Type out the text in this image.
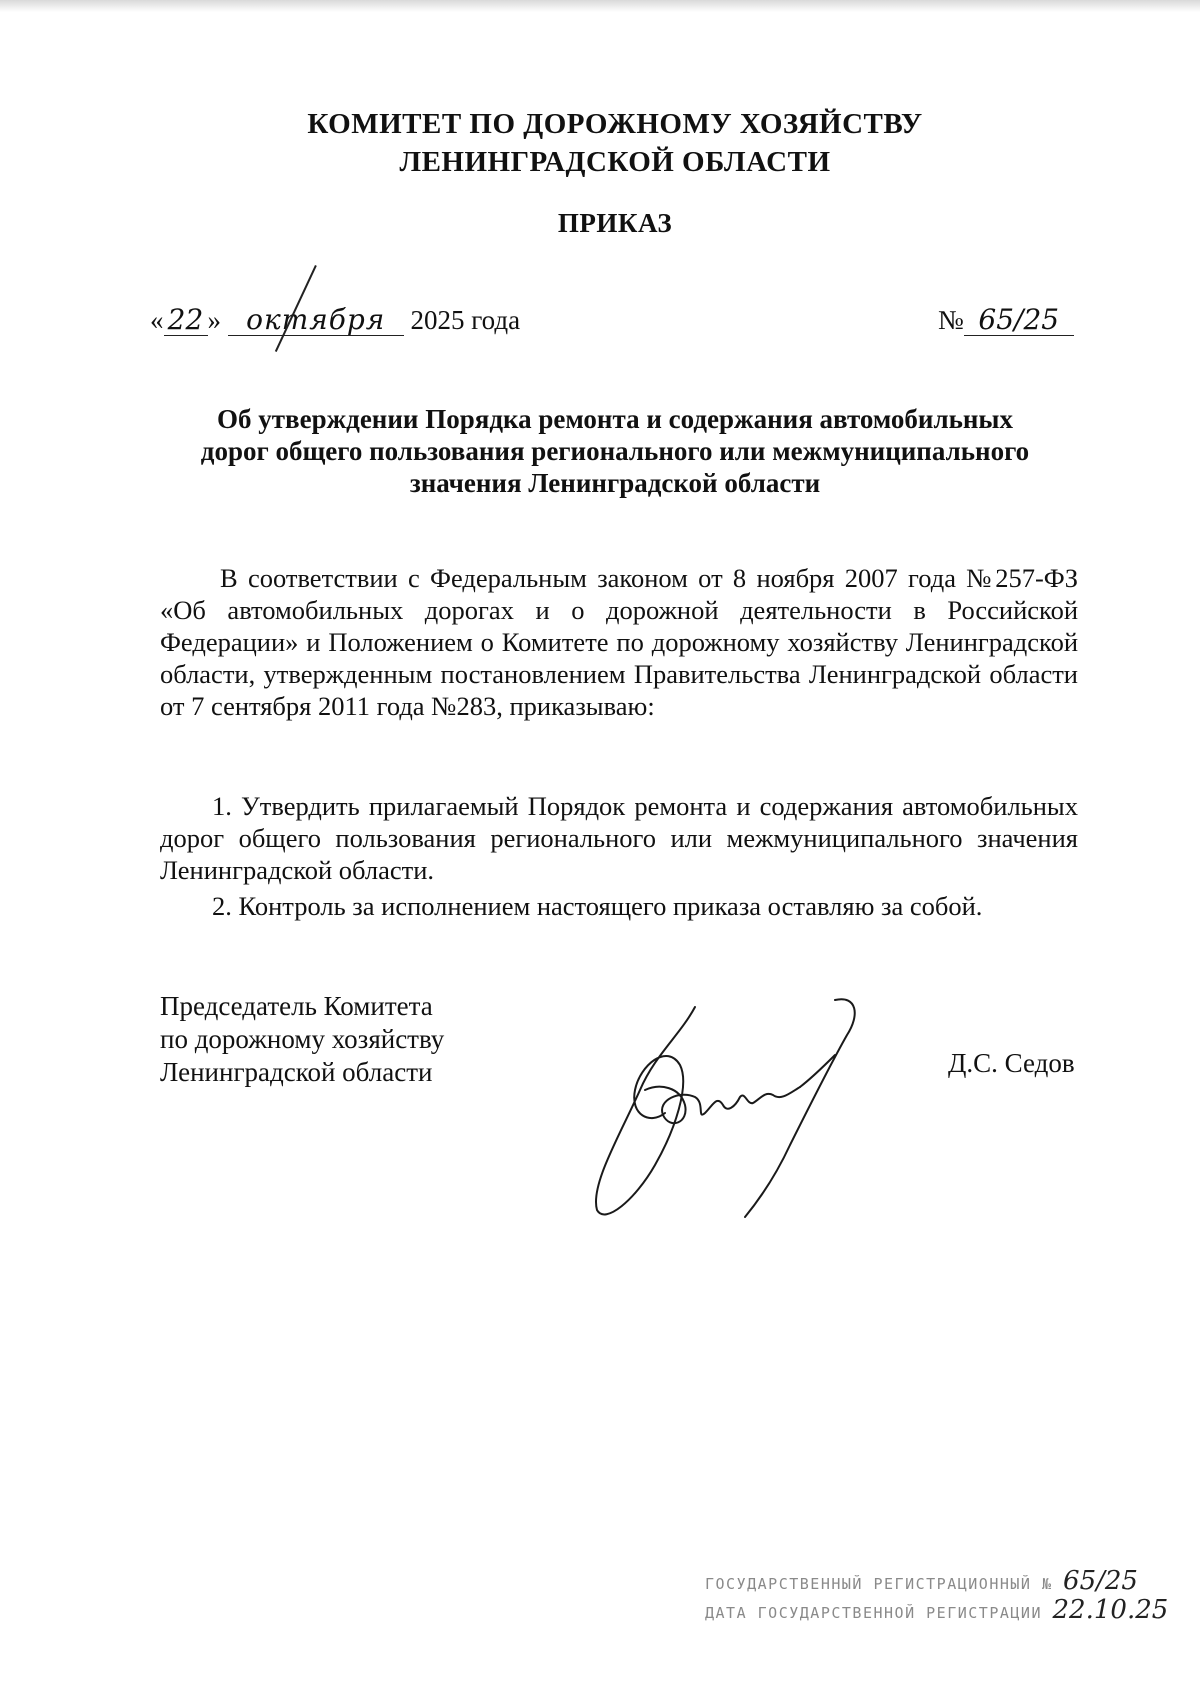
КОМИТЕТ ПО ДОРОЖНОМУ ХОЗЯЙСТВУ
ЛЕНИНГРАДСКОЙ ОБЛАСТИ
ПРИКАЗ
« 22 » октября 2025 года	№ 65/25
Об утверждении Порядка ремонта и содержания автомобильных
дорог общего пользования регионального или межмуниципального
значения Ленинградской области
В соответствии с Федеральным законом от 8 ноября 2007 года №257-ФЗ «Об автомобильных дорогах и о дорожной деятельности в Российской Федерации» и Положением о Комитете по дорожному хозяйству Ленинградской области, утвержденным постановлением Правительства Ленинградской области от 7 сентября 2011 года №283, приказываю:
1. Утвердить прилагаемый Порядок ремонта и содержания автомобильных дорог общего пользования регионального или межмуниципального значения Ленинградской области.
2. Контроль за исполнением настоящего приказа оставляю за собой.
Председатель Комитета
по дорожному хозяйству
Ленинградской области	Д.С. Седов
ГОСУДАРСТВЕННЫЙ РЕГИСТРАЦИОННЫЙ № 65/25
ДАТА ГОСУДАРСТВЕННОЙ РЕГИСТРАЦИИ 22.10.25
